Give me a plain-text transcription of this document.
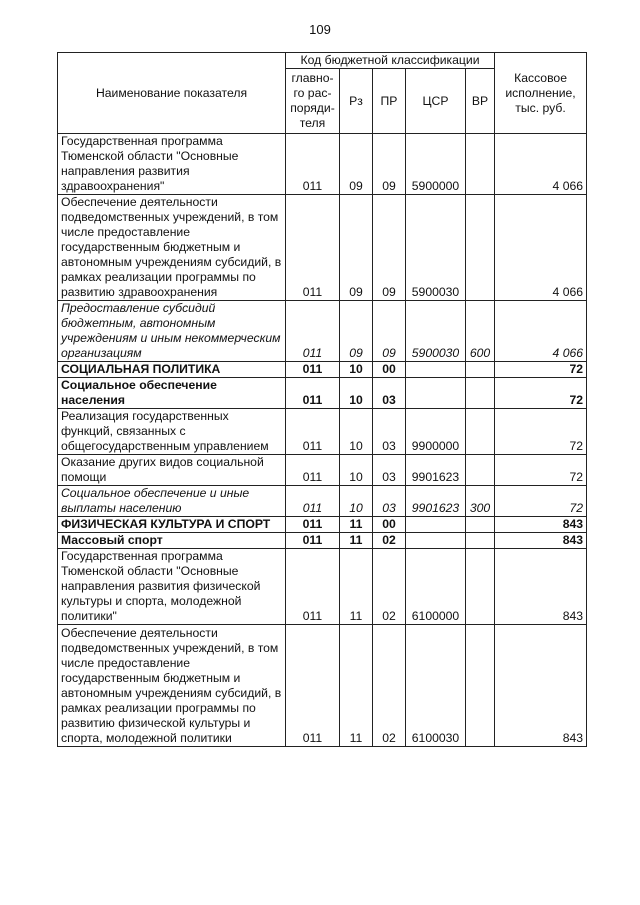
109
Наименование показателя	Код бюджетной классификации					Кассовое исполнение, тыс. руб.
	главно-го рас-поряди-теля	Рз	ПР	ЦСР	ВР	
Государственная программа Тюменской области "Основные направления развития здравоохранения"	011	09	09	5900000		4 066
Обеспечение деятельности подведомственных учреждений, в том числе предоставление государственным бюджетным и автономным учреждениям субсидий, в рамках реализации программы по развитию здравоохранения	011	09	09	5900030		4 066
Предоставление субсидий бюджетным, автономным учреждениям и иным некоммерческим организациям	011	09	09	5900030	600	4 066
СОЦИАЛЬНАЯ ПОЛИТИКА	011	10	00			72
Социальное обеспечение населения	011	10	03			72
Реализация государственных функций, связанных с общегосударственным управлением	011	10	03	9900000		72
Оказание других видов социальной помощи	011	10	03	9901623		72
Социальное обеспечение и иные выплаты населению	011	10	03	9901623	300	72
ФИЗИЧЕСКАЯ КУЛЬТУРА И СПОРТ	011	11	00			843
Массовый спорт	011	11	02			843
Государственная программа Тюменской области "Основные направления развития физической культуры и спорта, молодежной политики"	011	11	02	6100000		843
Обеспечение деятельности подведомственных учреждений, в том числе предоставление государственным бюджетным и автономным учреждениям субсидий, в рамках реализации программы по развитию физической культуры и спорта, молодежной политики	011	11	02	6100030		843
